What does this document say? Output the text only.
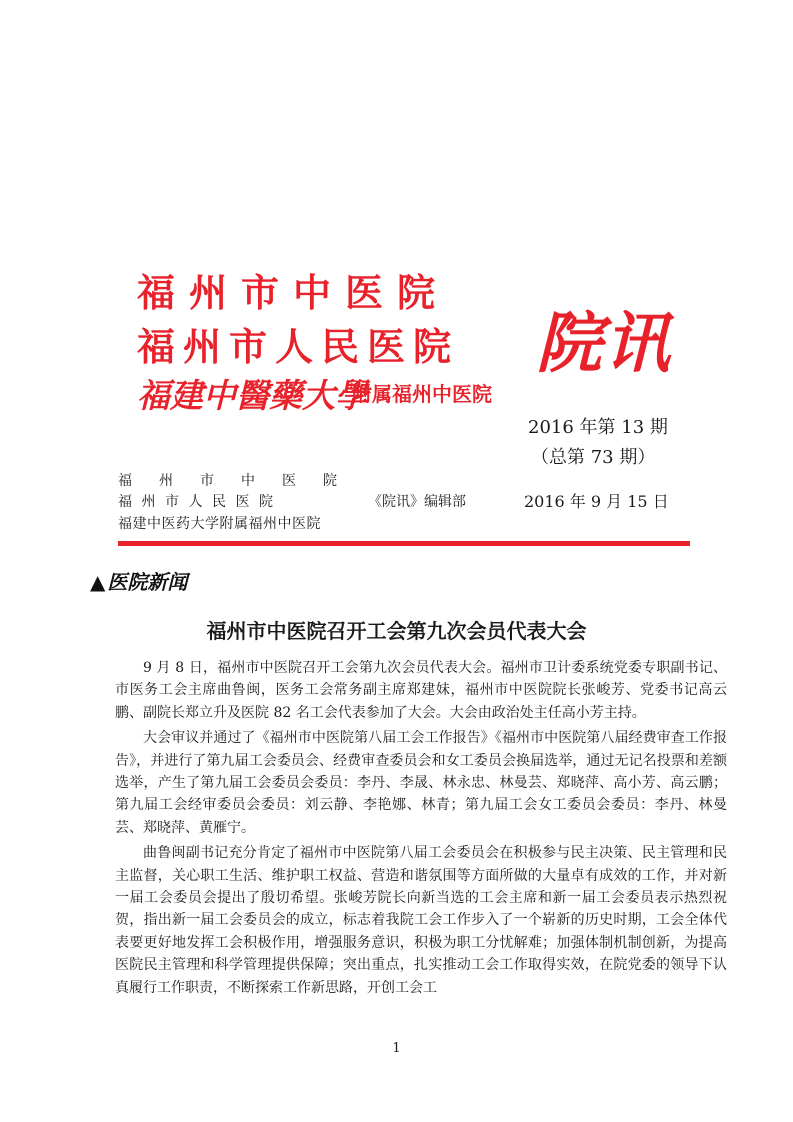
福州市中医院
福州市人民医院
福建中醫藥大學
附属福州中医院
院讯
2016 年第 13 期
（总第 73 期）
福州市中医院
福州市人民医院
福建中医药大学附属福州中医院
《院讯》编辑部	2016 年 9 月 15 日
▲ 医院新闻
福州市中医院召开工会第九次会员代表大会

9 月 8 日，福州市中医院召开工会第九次会员代表大会。福州市卫计委系统党委专职副书记、市医务工会主席曲鲁闽，医务工会常务副主席郑建妹，福州市中医院院长张峻芳、党委书记高云鹏、副院长郑立升及医院 82 名工会代表参加了大会。大会由政治处主任高小芳主持。

大会审议并通过了《福州市中医院第八届工会工作报告》《福州市中医院第八届经费审查工作报告》，并进行了第九届工会委员会、经费审查委员会和女工委员会换届选举，通过无记名投票和差额选举，产生了第九届工会委员会委员：李丹、李晟、林永忠、林曼芸、郑晓萍、高小芳、高云鹏；第九届工会经审委员会委员：刘云静、李艳娜、林青；第九届工会女工委员会委员：李丹、林曼芸、郑晓萍、黄雁宁。

曲鲁闽副书记充分肯定了福州市中医院第八届工会委员会在积极参与民主决策、民主管理和民主监督，关心职工生活、维护职工权益、营造和谐氛围等方面所做的大量卓有成效的工作，并对新一届工会委员会提出了殷切希望。张峻芳院长向新当选的工会主席和新一届工会委员表示热烈祝贺，指出新一届工会委员会的成立，标志着我院工会工作步入了一个崭新的历史时期，工会全体代表要更好地发挥工会积极作用，增强服务意识，积极为职工分忧解难；加强体制机制创新，为提高医院民主管理和科学管理提供保障；突出重点，扎实推动工会工作取得实效，在院党委的领导下认真履行工作职责，不断探索工作新思路，开创工会工

1
